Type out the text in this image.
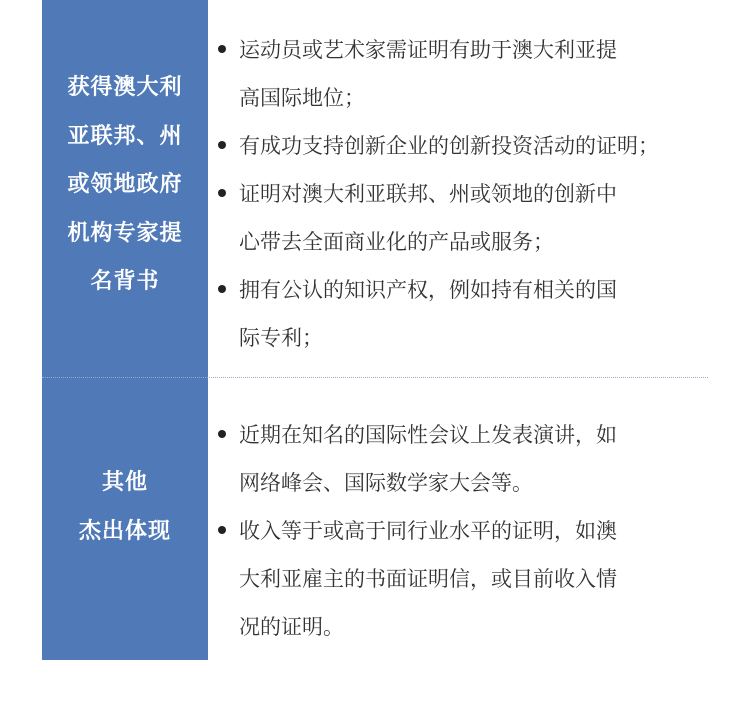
获得澳大利
亚联邦、州
或领地政府
机构专家提
名背书
运动员或艺术家需证明有助于澳大利亚提
高国际地位；
有成功支持创新企业的创新投资活动的证明；
证明对澳大利亚联邦、州或领地的创新中
心带去全面商业化的产品或服务；
拥有公认的知识产权，例如持有相关的国
际专利；
其他
杰出体现
近期在知名的国际性会议上发表演讲，如
网络峰会、国际数学家大会等。
收入等于或高于同行业水平的证明，如澳
大利亚雇主的书面证明信，或目前收入情
况的证明。
